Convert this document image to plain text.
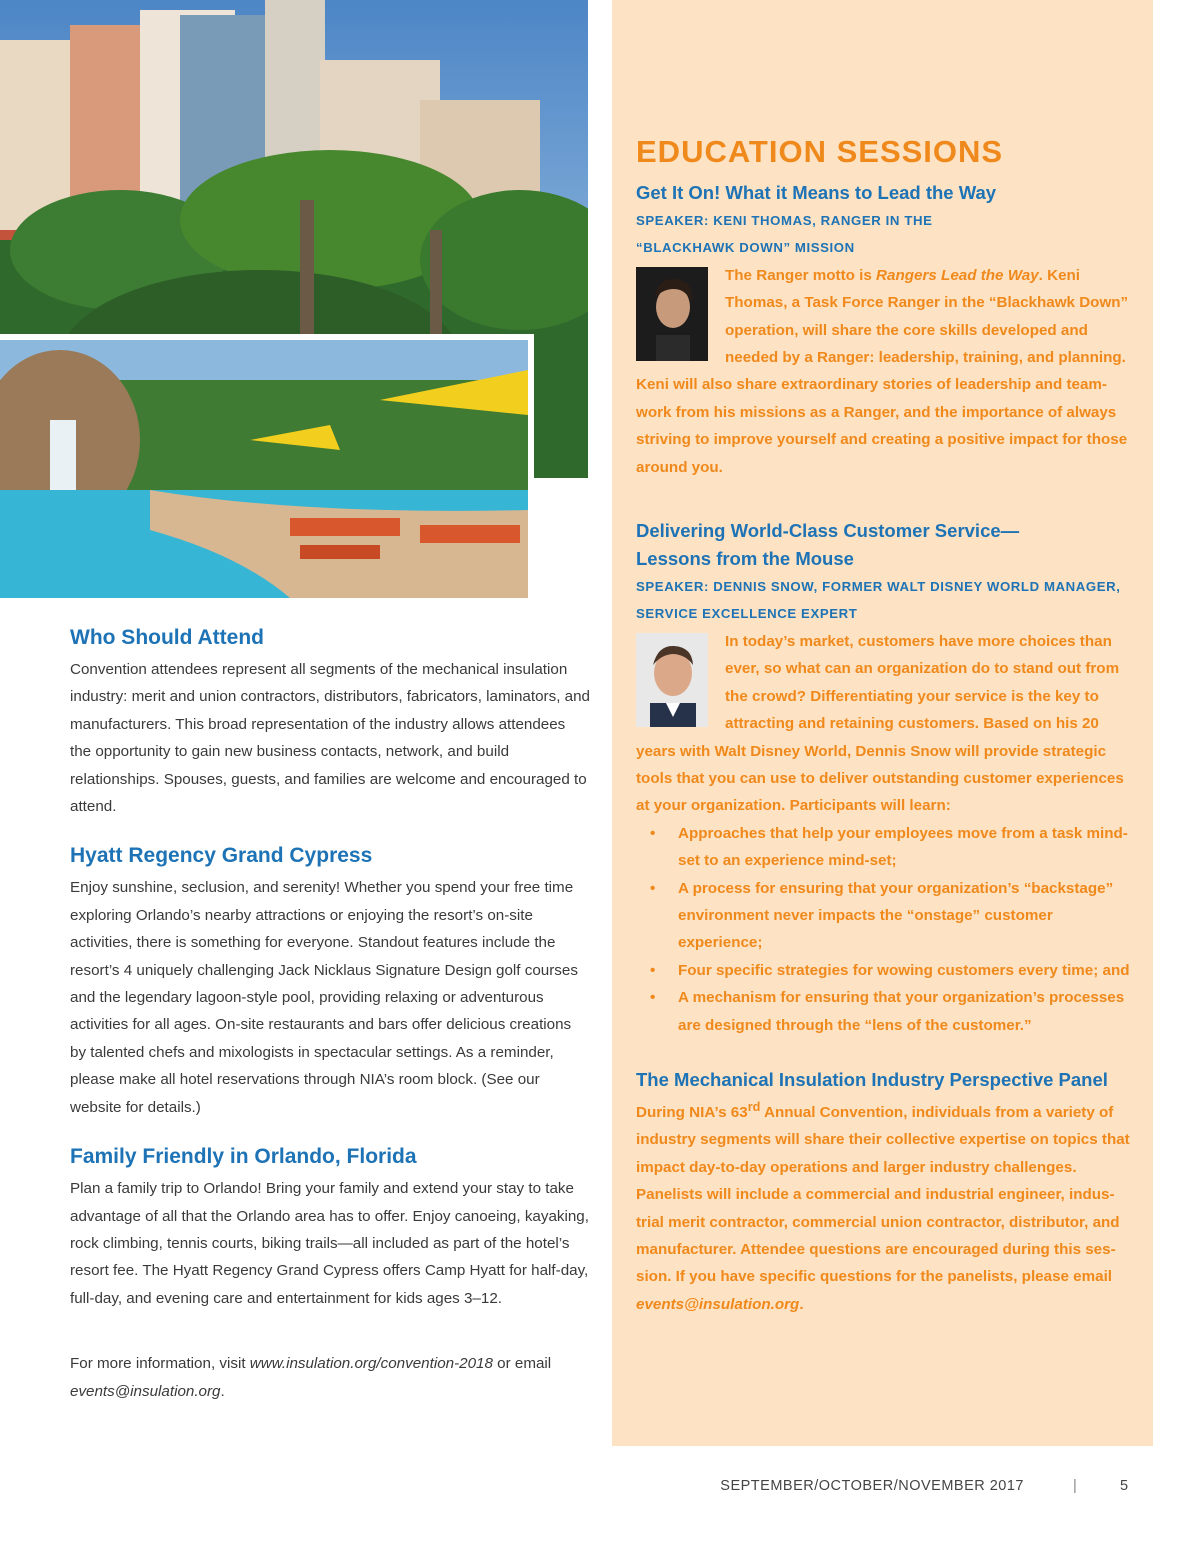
Who Should Attend

Convention attendees represent all segments of the mechanical insulation industry: merit and union contractors, distributors, fabricators, laminators, and manufacturers. This broad representation of the industry allows attendees the opportunity to gain new business contacts, network, and build relationships. Spouses, guests, and families are welcome and encouraged to attend.

Hyatt Regency Grand Cypress

Enjoy sunshine, seclusion, and serenity! Whether you spend your free time exploring Orlando’s nearby attractions or enjoying the resort’s on-site activities, there is something for everyone. Standout features include the resort’s 4 uniquely challenging Jack Nicklaus Signature Design golf courses and the legendary lagoon-style pool, providing relaxing or adventurous activities for all ages. On-site restaurants and bars offer delicious creations by talented chefs and mixologists in spectacular settings. As a reminder, please make all hotel reservations through NIA’s room block. (See our website for details.)

Family Friendly in Orlando, Florida

Plan a family trip to Orlando! Bring your family and extend your stay to take advantage of all that the Orlando area has to offer. Enjoy canoeing, kayaking, rock climbing, tennis courts, biking trails—all included as part of the hotel’s resort fee. The Hyatt Regency Grand Cypress offers Camp Hyatt for half-day, full-day, and evening care and entertainment for kids ages 3–12.

For more information, visit www.insulation.org/convention-2018 or email events@insulation.org.

EDUCATION SESSIONS
Get It On! What it Means to Lead the Way
SPEAKER: KENI THOMAS, RANGER IN THE
“BLACKHAWK DOWN” MISSION
The Ranger motto is Rangers Lead the Way. Keni Thomas, a Task Force Ranger in the “Blackhawk Down” operation, will share the core skills developed and needed by a Ranger: leadership, training, and planning. Keni will also share extraordinary stories of leadership and team-work from his missions as a Ranger, and the importance of always striving to improve yourself and creating a positive impact for those around you.
Delivering World-Class Customer Service—
Lessons from the Mouse
SPEAKER: DENNIS SNOW, FORMER WALT DISNEY WORLD MANAGER,
SERVICE EXCELLENCE EXPERT
In today’s market, customers have more choices than ever, so what can an organization do to stand out from the crowd? Differentiating your service is the key to attracting and retaining customers. Based on his 20 years with Walt Disney World, Dennis Snow will provide strategic tools that you can use to deliver outstanding customer experiences at your organization. Participants will learn:
• Approaches that help your employees move from a task mind-set to an experience mind-set;
• A process for ensuring that your organization’s “backstage” environment never impacts the “onstage” customer experience;
• Four specific strategies for wowing customers every time; and
• A mechanism for ensuring that your organization’s processes are designed through the “lens of the customer.”
The Mechanical Insulation Industry Perspective Panel
During NIA’s 63rd Annual Convention, individuals from a variety of industry segments will share their collective expertise on topics that impact day-to-day operations and larger industry challenges. Panelists will include a commercial and industrial engineer, indus-trial merit contractor, commercial union contractor, distributor, and manufacturer. Attendee questions are encouraged during this ses-sion. If you have specific questions for the panelists, please email events@insulation.org.
SEPTEMBER/OCTOBER/NOVEMBER 2017	|	5
